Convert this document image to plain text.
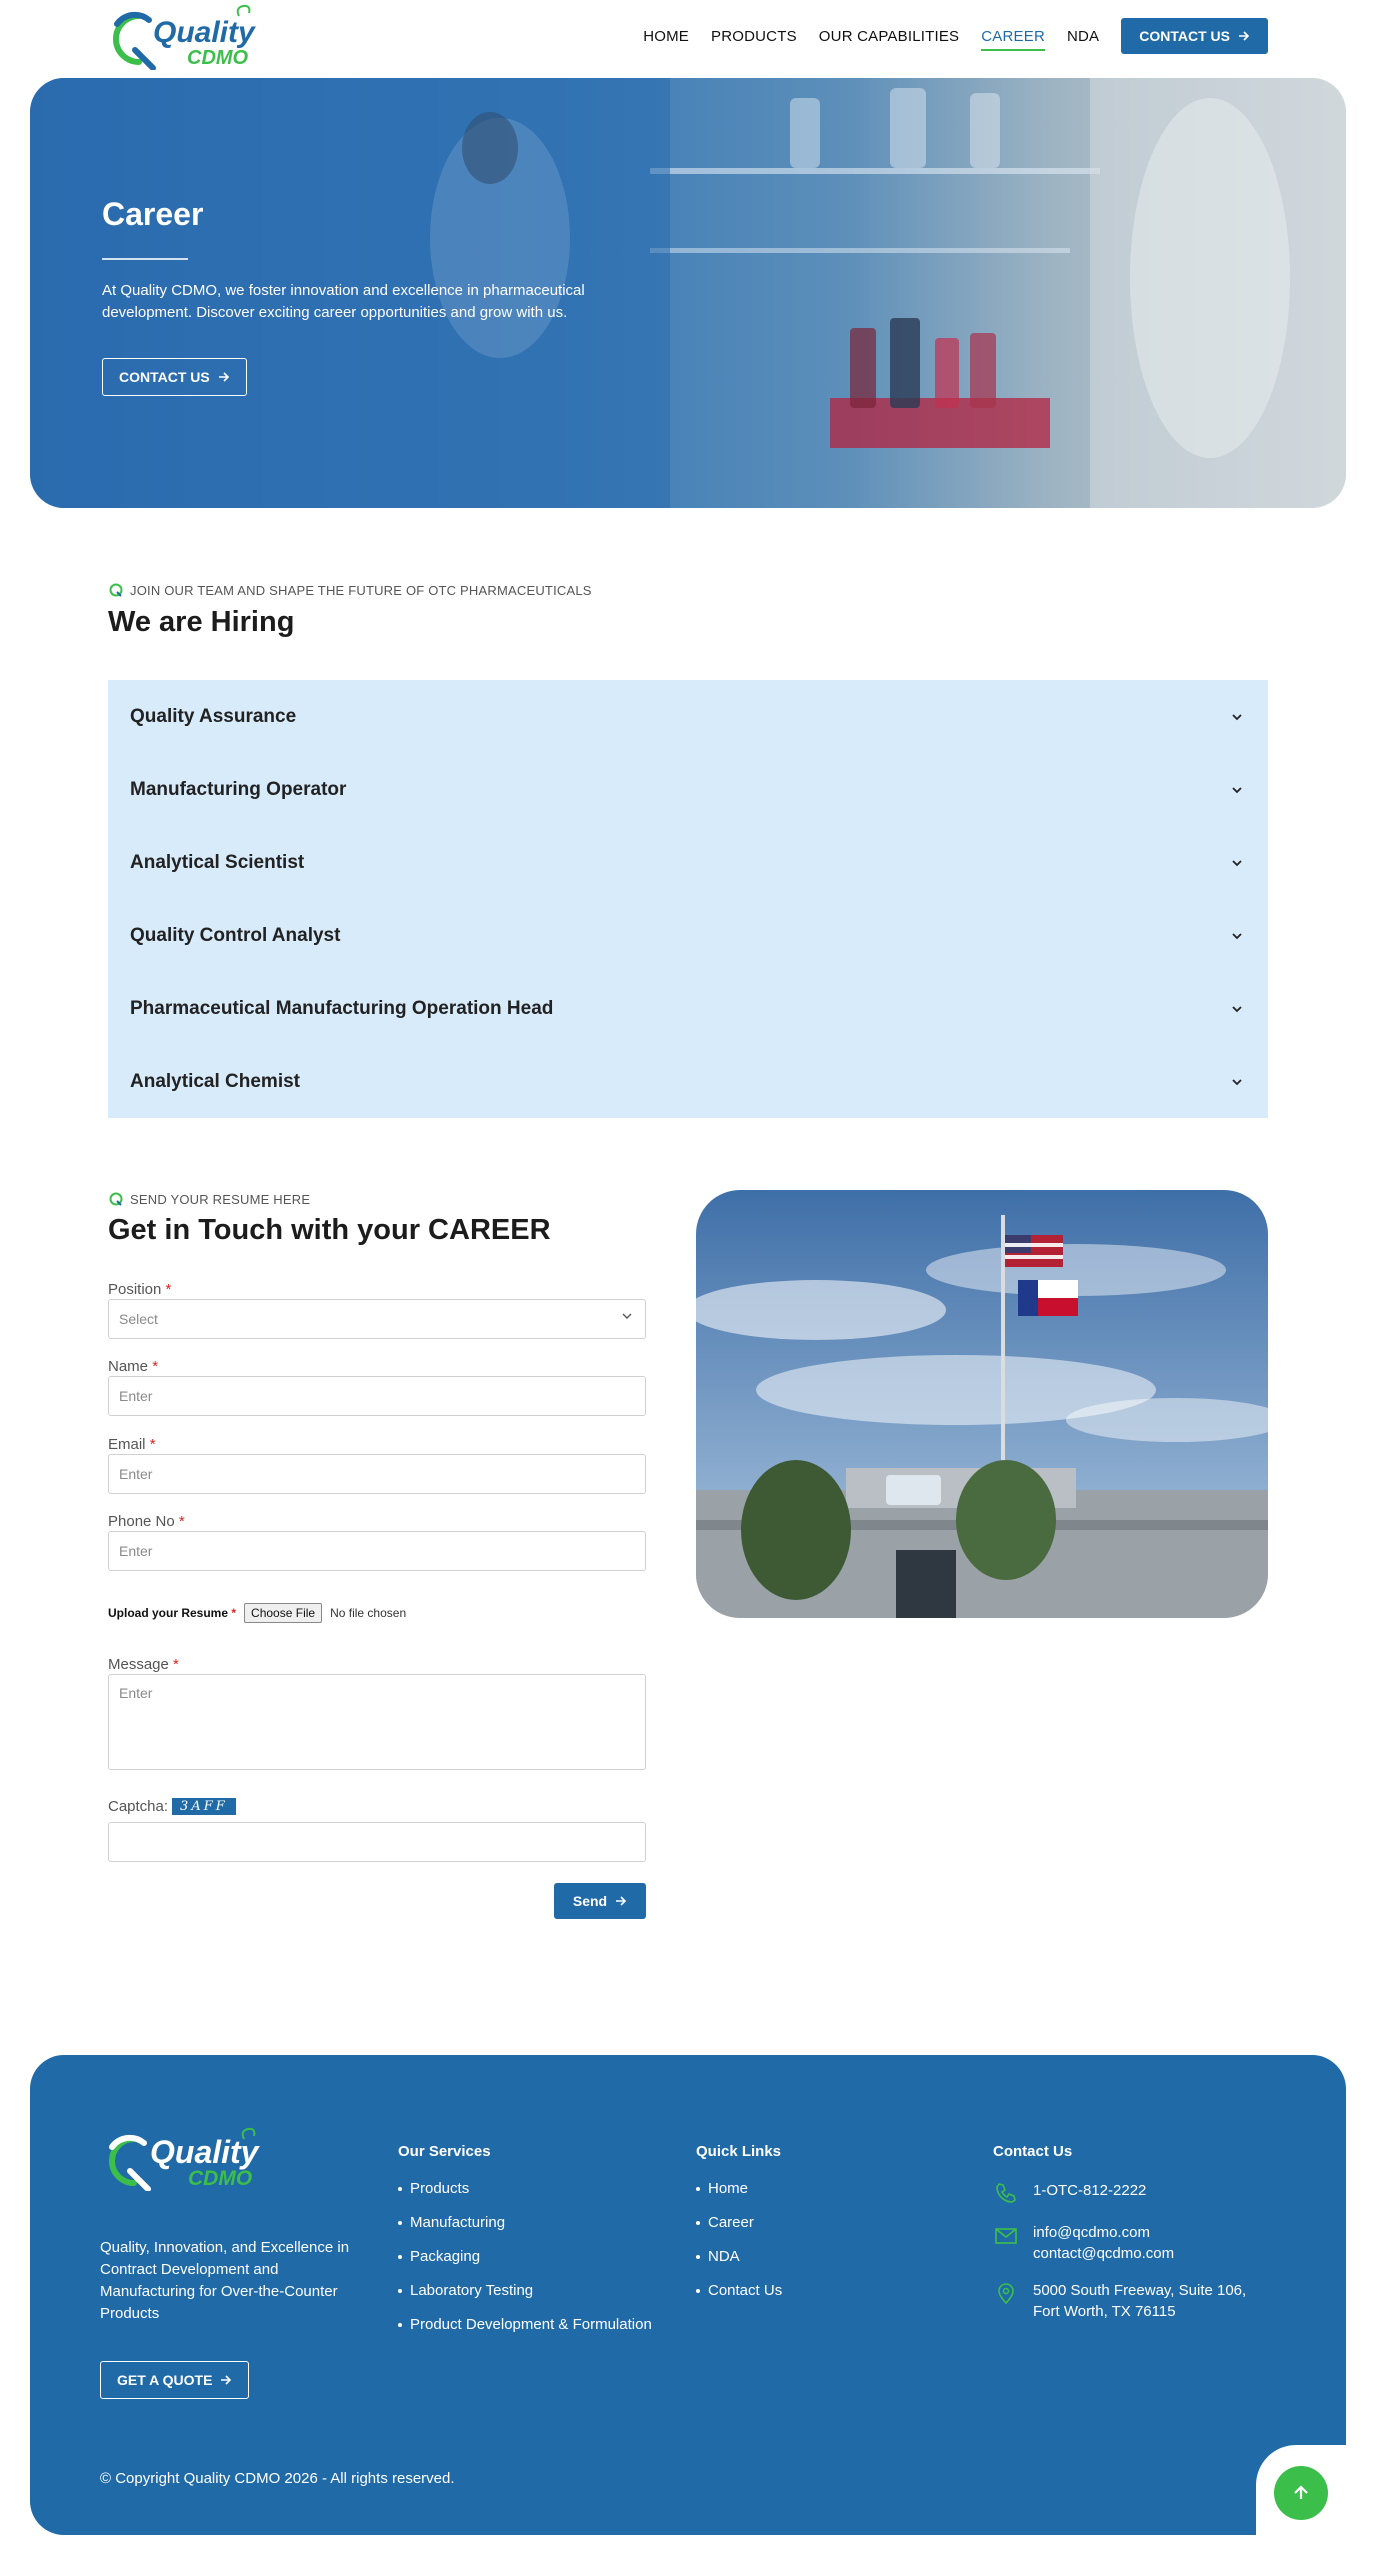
Quality
CDMO
HOME PRODUCTS OUR CAPABILITIES CAREER NDA	CONTACT US
Career
At Quality CDMO, we foster innovation and excellence in pharmaceutical development. Discover exciting career opportunities and grow with us.
CONTACT US
JOIN OUR TEAM AND SHAPE THE FUTURE OF OTC PHARMACEUTICALS
We are Hiring
Quality Assurance
Manufacturing Operator
Analytical Scientist
Quality Control Analyst
Pharmaceutical Manufacturing Operation Head
Analytical Chemist
SEND YOUR RESUME HERE
Get in Touch with your CAREER
Position *
Select
Name *
Enter
Email *
Enter
Phone No *
Enter
Upload your Resume *	Choose File	No file chosen
Message *
Enter
Captcha: 3AFF
Send
Quality
CDMO
Quality, Innovation, and Excellence in Contract Development and Manufacturing for Over-the-Counter Products
GET A QUOTE
Our Services
Products
Manufacturing
Packaging
Laboratory Testing
Product Development & Formulation
Quick Links
Home
Career
NDA
Contact Us
Contact Us
1-OTC-812-2222
info@qcdmo.com
contact@qcdmo.com
5000 South Freeway, Suite 106,
Fort Worth, TX 76115
© Copyright Quality CDMO 2026 - All rights reserved.
